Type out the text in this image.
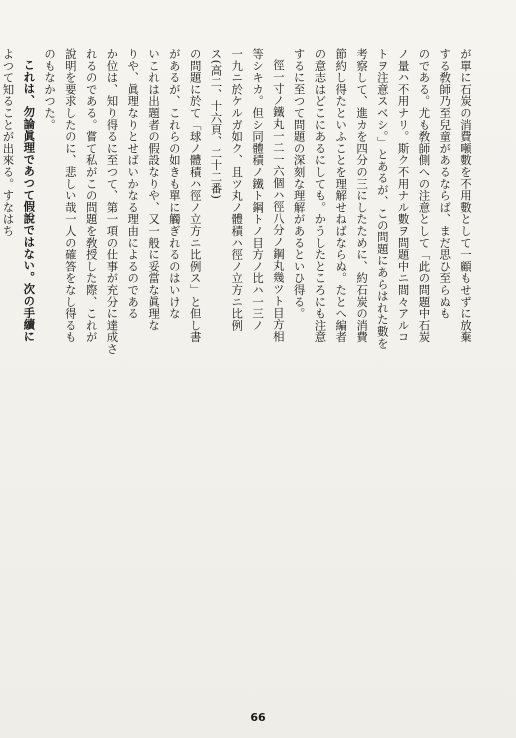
が單に石炭の消費噸數を不用數として一顧もせずに放棄

する敎師乃至兒童があるならば、まだ思ひ至らぬも

のである。尤も敎師側への注意として「此の問題中石炭

ノ量ハ不用ナリ。斯ク不用ナル數ヲ問題中ニ間々アルコ

トヲ注意スベシ。」とあるが、この問題にあらはれた數を

考察して、進カを四分の三にしたために、約石炭の消費

節約し得たといふことを理解せねばならぬ。たとへ編者

の意志はどこにあるにしても。かうしたところにも注意

するに至つて問題の深刻な理解があるといひ得る。

徑一寸ノ鐵丸一二一六個ハ徑八分ノ鋼丸幾ツト目方相

等シキカ。但シ同體積ノ鐵ト鋼トノ目方ノ比ハ一三ノ

一九ニ於ケルガ如ク、且ツ丸ノ體積ハ徑ノ立方ニ比例

ス(高二、十六頁、二十二番)

の問題に於て「球ノ體積ハ徑ノ立方ニ比例ス」と但し書

があるが、これらの如きも單に觸ぎれるのはいけな

いこれは出題者の假設なりや、又一般に妥當な眞理な

りや、眞理なりとせばいかなる理由によるのである

か位は、知り得るに至つて、第一項の仕事が充分に達成さ

れるのである。嘗て私がこの問題を敎授した際、これが

說明を要求したのに、悲しい哉一人の確答をなし得るも

のもなかつた。

これは、勿論眞理であつて假說ではない。次の手續に

よつて知ることが出來る。すなはち

66
